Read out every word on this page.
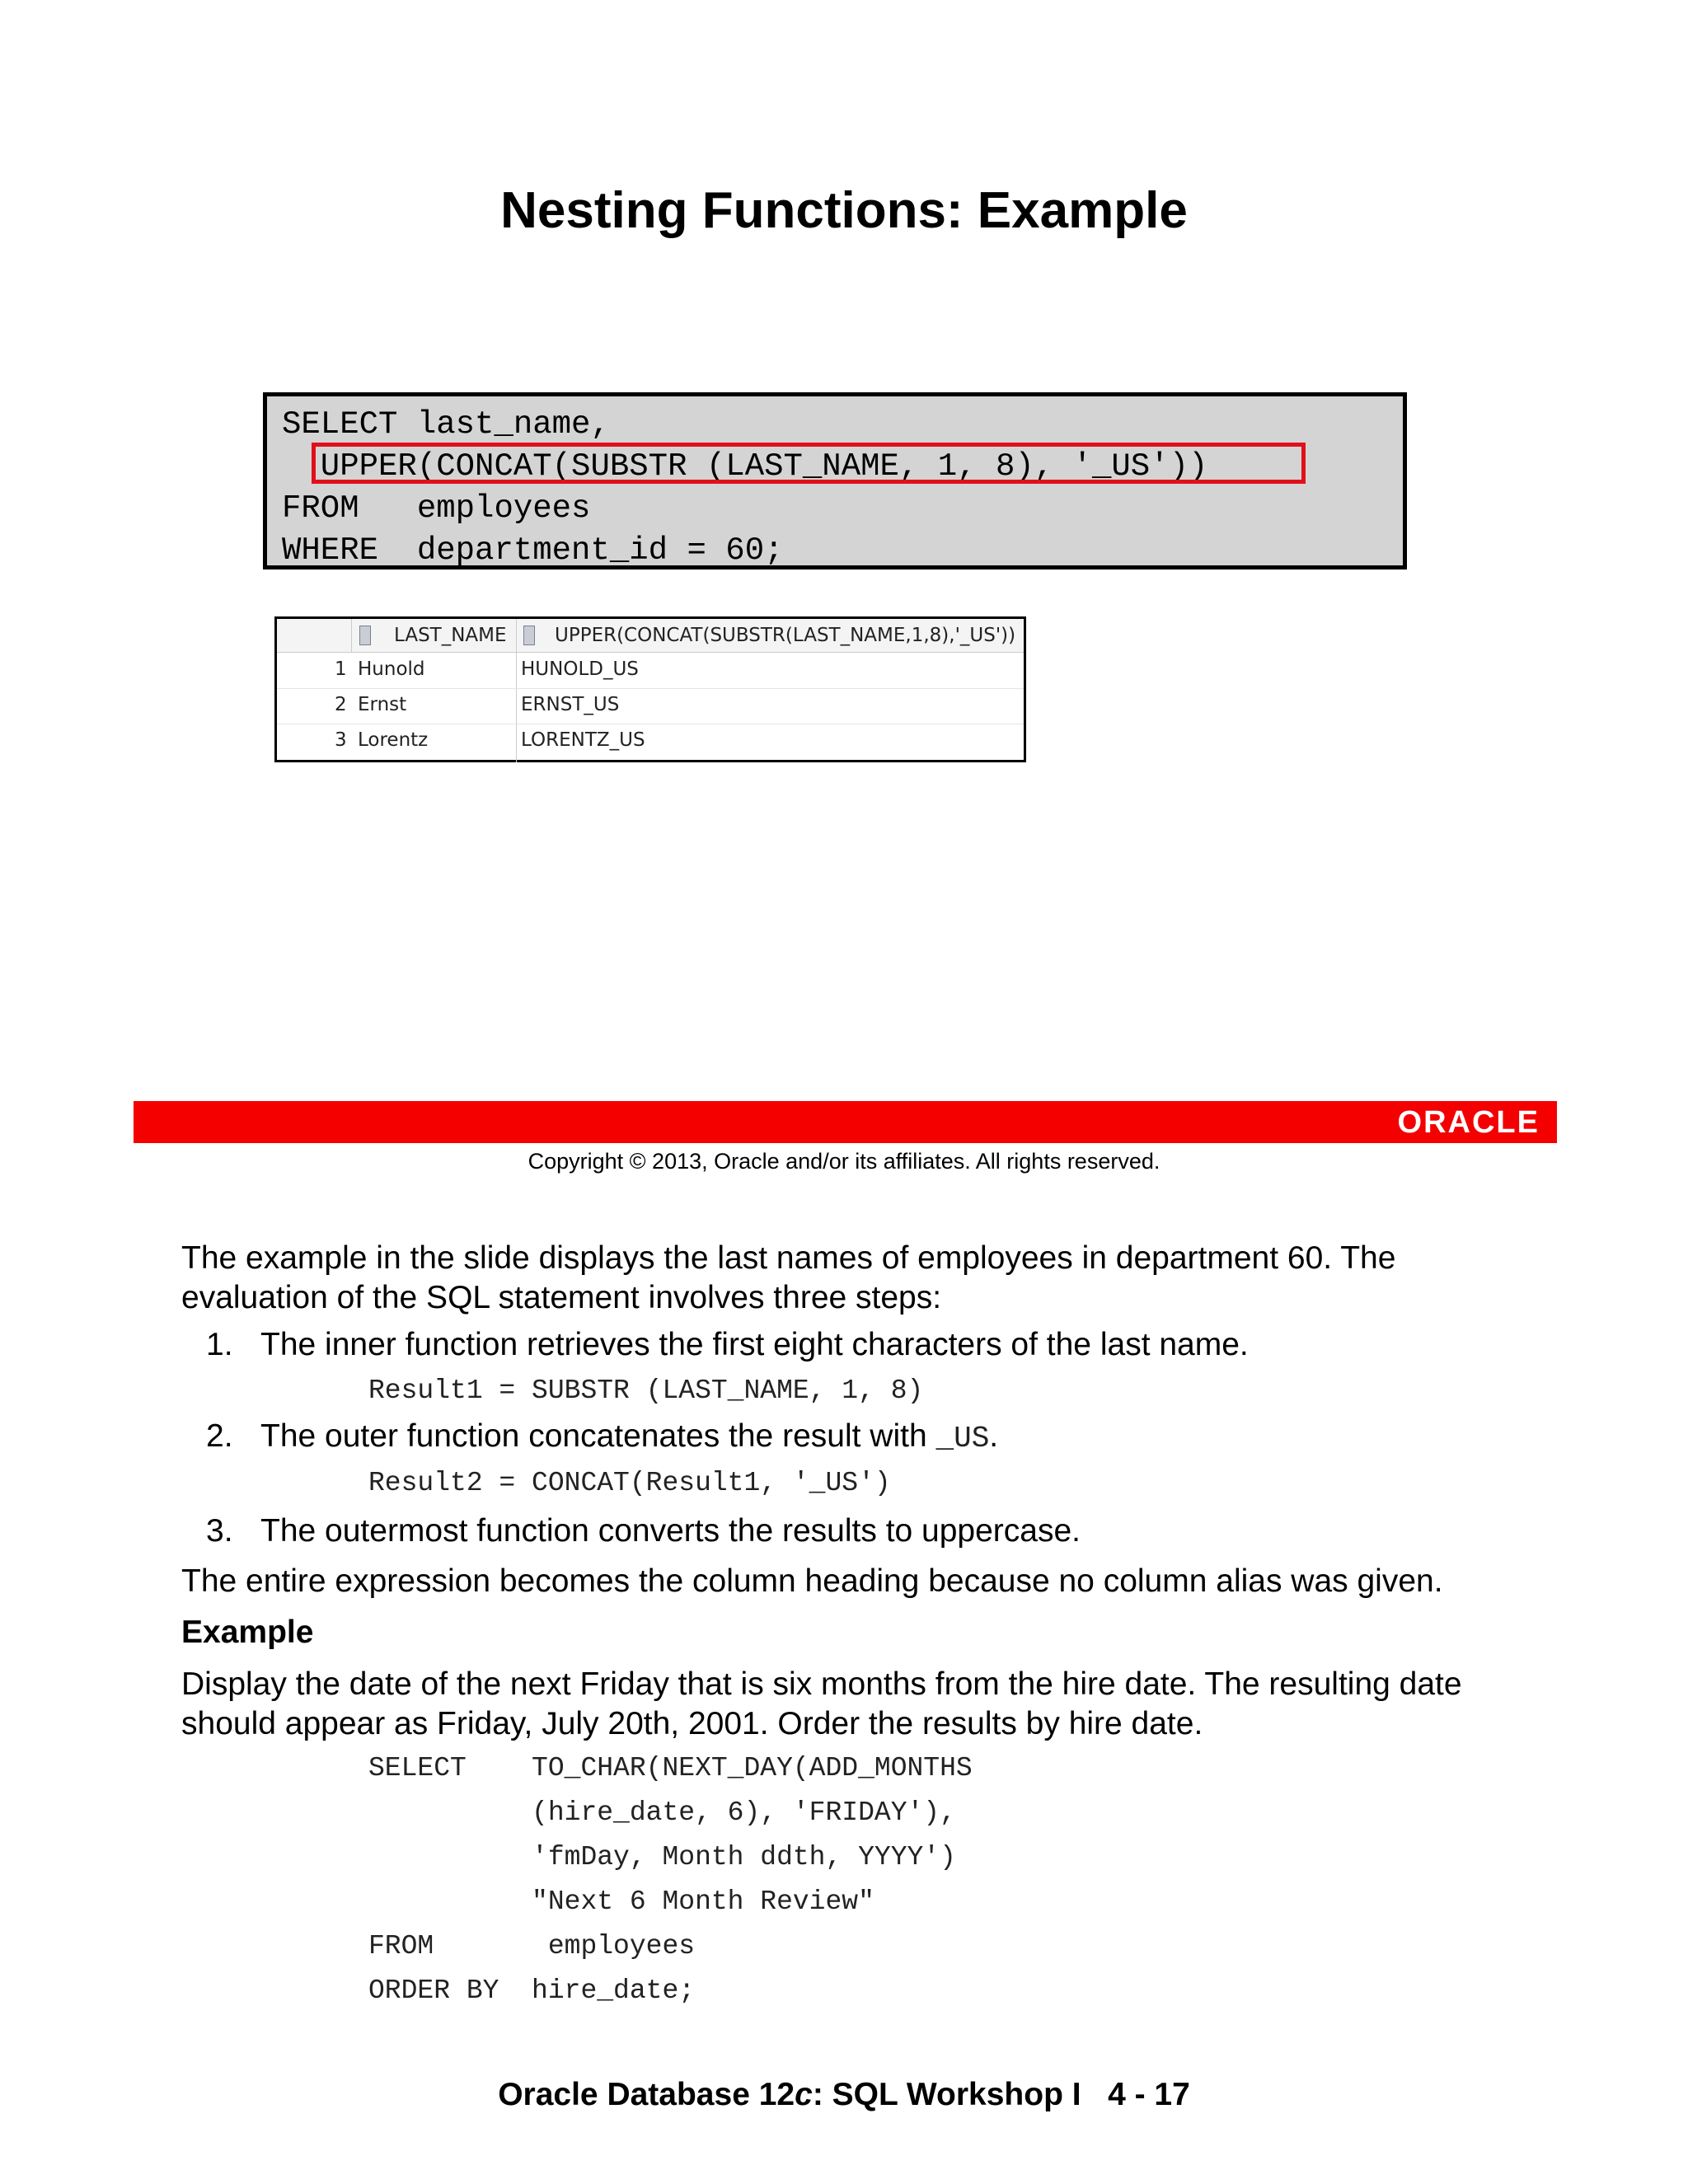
Nesting Functions: Example
SELECT last_name,
UPPER(CONCAT(SUBSTR (LAST_NAME, 1, 8), '_US'))
FROM   employees
WHERE  department_id = 60;
LAST_NAME	UPPER(CONCAT(SUBSTR(LAST_NAME,1,8),'_US'))
1 Hunold	HUNOLD_US
2 Ernst	ERNST_US
3 Lorentz	LORENTZ_US
ORACLE
Copyright © 2013, Oracle and/or its affiliates. All rights reserved.
The example in the slide displays the last names of employees in department 60. The
evaluation of the SQL statement involves three steps:
1. The inner function retrieves the first eight characters of the last name.
Result1 = SUBSTR (LAST_NAME, 1, 8)
2. The outer function concatenates the result with _US.
Result2 = CONCAT(Result1, '_US')
3. The outermost function converts the results to uppercase.
The entire expression becomes the column heading because no column alias was given.
Example
Display the date of the next Friday that is six months from the hire date. The resulting date
should appear as Friday, July 20th, 2001. Order the results by hire date.
SELECT    TO_CHAR(NEXT_DAY(ADD_MONTHS
(hire_date, 6), 'FRIDAY'),
'fmDay, Month ddth, YYYY')
"Next 6 Month Review"
FROM       employees
ORDER BY  hire_date;
Oracle Database 12c: SQL Workshop I   4 - 17
